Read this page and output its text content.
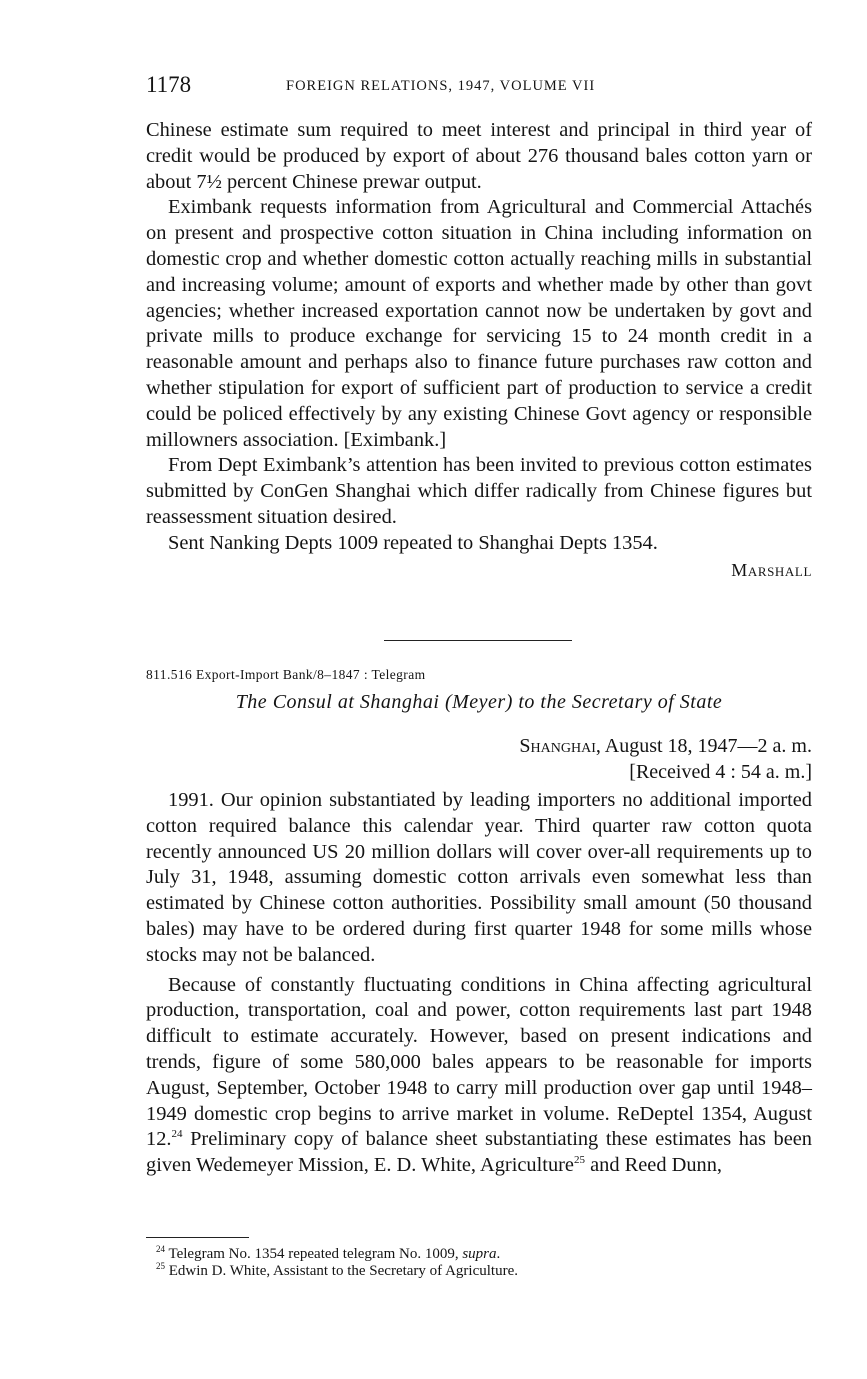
1178	FOREIGN RELATIONS, 1947, VOLUME VII

Chinese estimate sum required to meet interest and principal in third year of credit would be produced by export of about 276 thousand bales cotton yarn or about 7½ percent Chinese prewar output.

Eximbank requests information from Agricultural and Commercial Attachés on present and prospective cotton situation in China including information on domestic crop and whether domestic cotton actually reaching mills in substantial and increasing volume; amount of exports and whether made by other than govt agencies; whether increased exportation cannot now be undertaken by govt and private mills to produce exchange for servicing 15 to 24 month credit in a reasonable amount and perhaps also to finance future purchases raw cotton and whether stipulation for export of sufficient part of production to service a credit could be policed effectively by any existing Chinese Govt agency or responsible millowners association. [Eximbank.]

From Dept Eximbank’s attention has been invited to previous cotton estimates submitted by ConGen Shanghai which differ radically from Chinese figures but reassessment situation desired.

Sent Nanking Depts 1009 repeated to Shanghai Depts 1354.

Marshall

811.516 Export-Import Bank/8–1847 : Telegram
The Consul at Shanghai (Meyer) to the Secretary of State
Shanghai, August 18, 1947—2 a. m.
[Received 4 : 54 a. m.]

1991. Our opinion substantiated by leading importers no additional imported cotton required balance this calendar year. Third quarter raw cotton quota recently announced US 20 million dollars will cover over-all requirements up to July 31, 1948, assuming domestic cotton arrivals even somewhat less than estimated by Chinese cotton authorities. Possibility small amount (50 thousand bales) may have to be ordered during first quarter 1948 for some mills whose stocks may not be balanced.

Because of constantly fluctuating conditions in China affecting agricultural production, transportation, coal and power, cotton requirements last part 1948 difficult to estimate accurately. However, based on present indications and trends, figure of some 580,000 bales appears to be reasonable for imports August, September, October 1948 to carry mill production over gap until 1948–1949 domestic crop begins to arrive market in volume. ReDeptel 1354, August 12.24 Preliminary copy of balance sheet substantiating these estimates has been given Wedemeyer Mission, E. D. White, Agriculture$^{25}$ and Reed Dunn,

$^{24}$ Telegram No. 1354 repeated telegram No. 1009, supra.

$^{25}$ Edwin D. White, Assistant to the Secretary of Agriculture.
